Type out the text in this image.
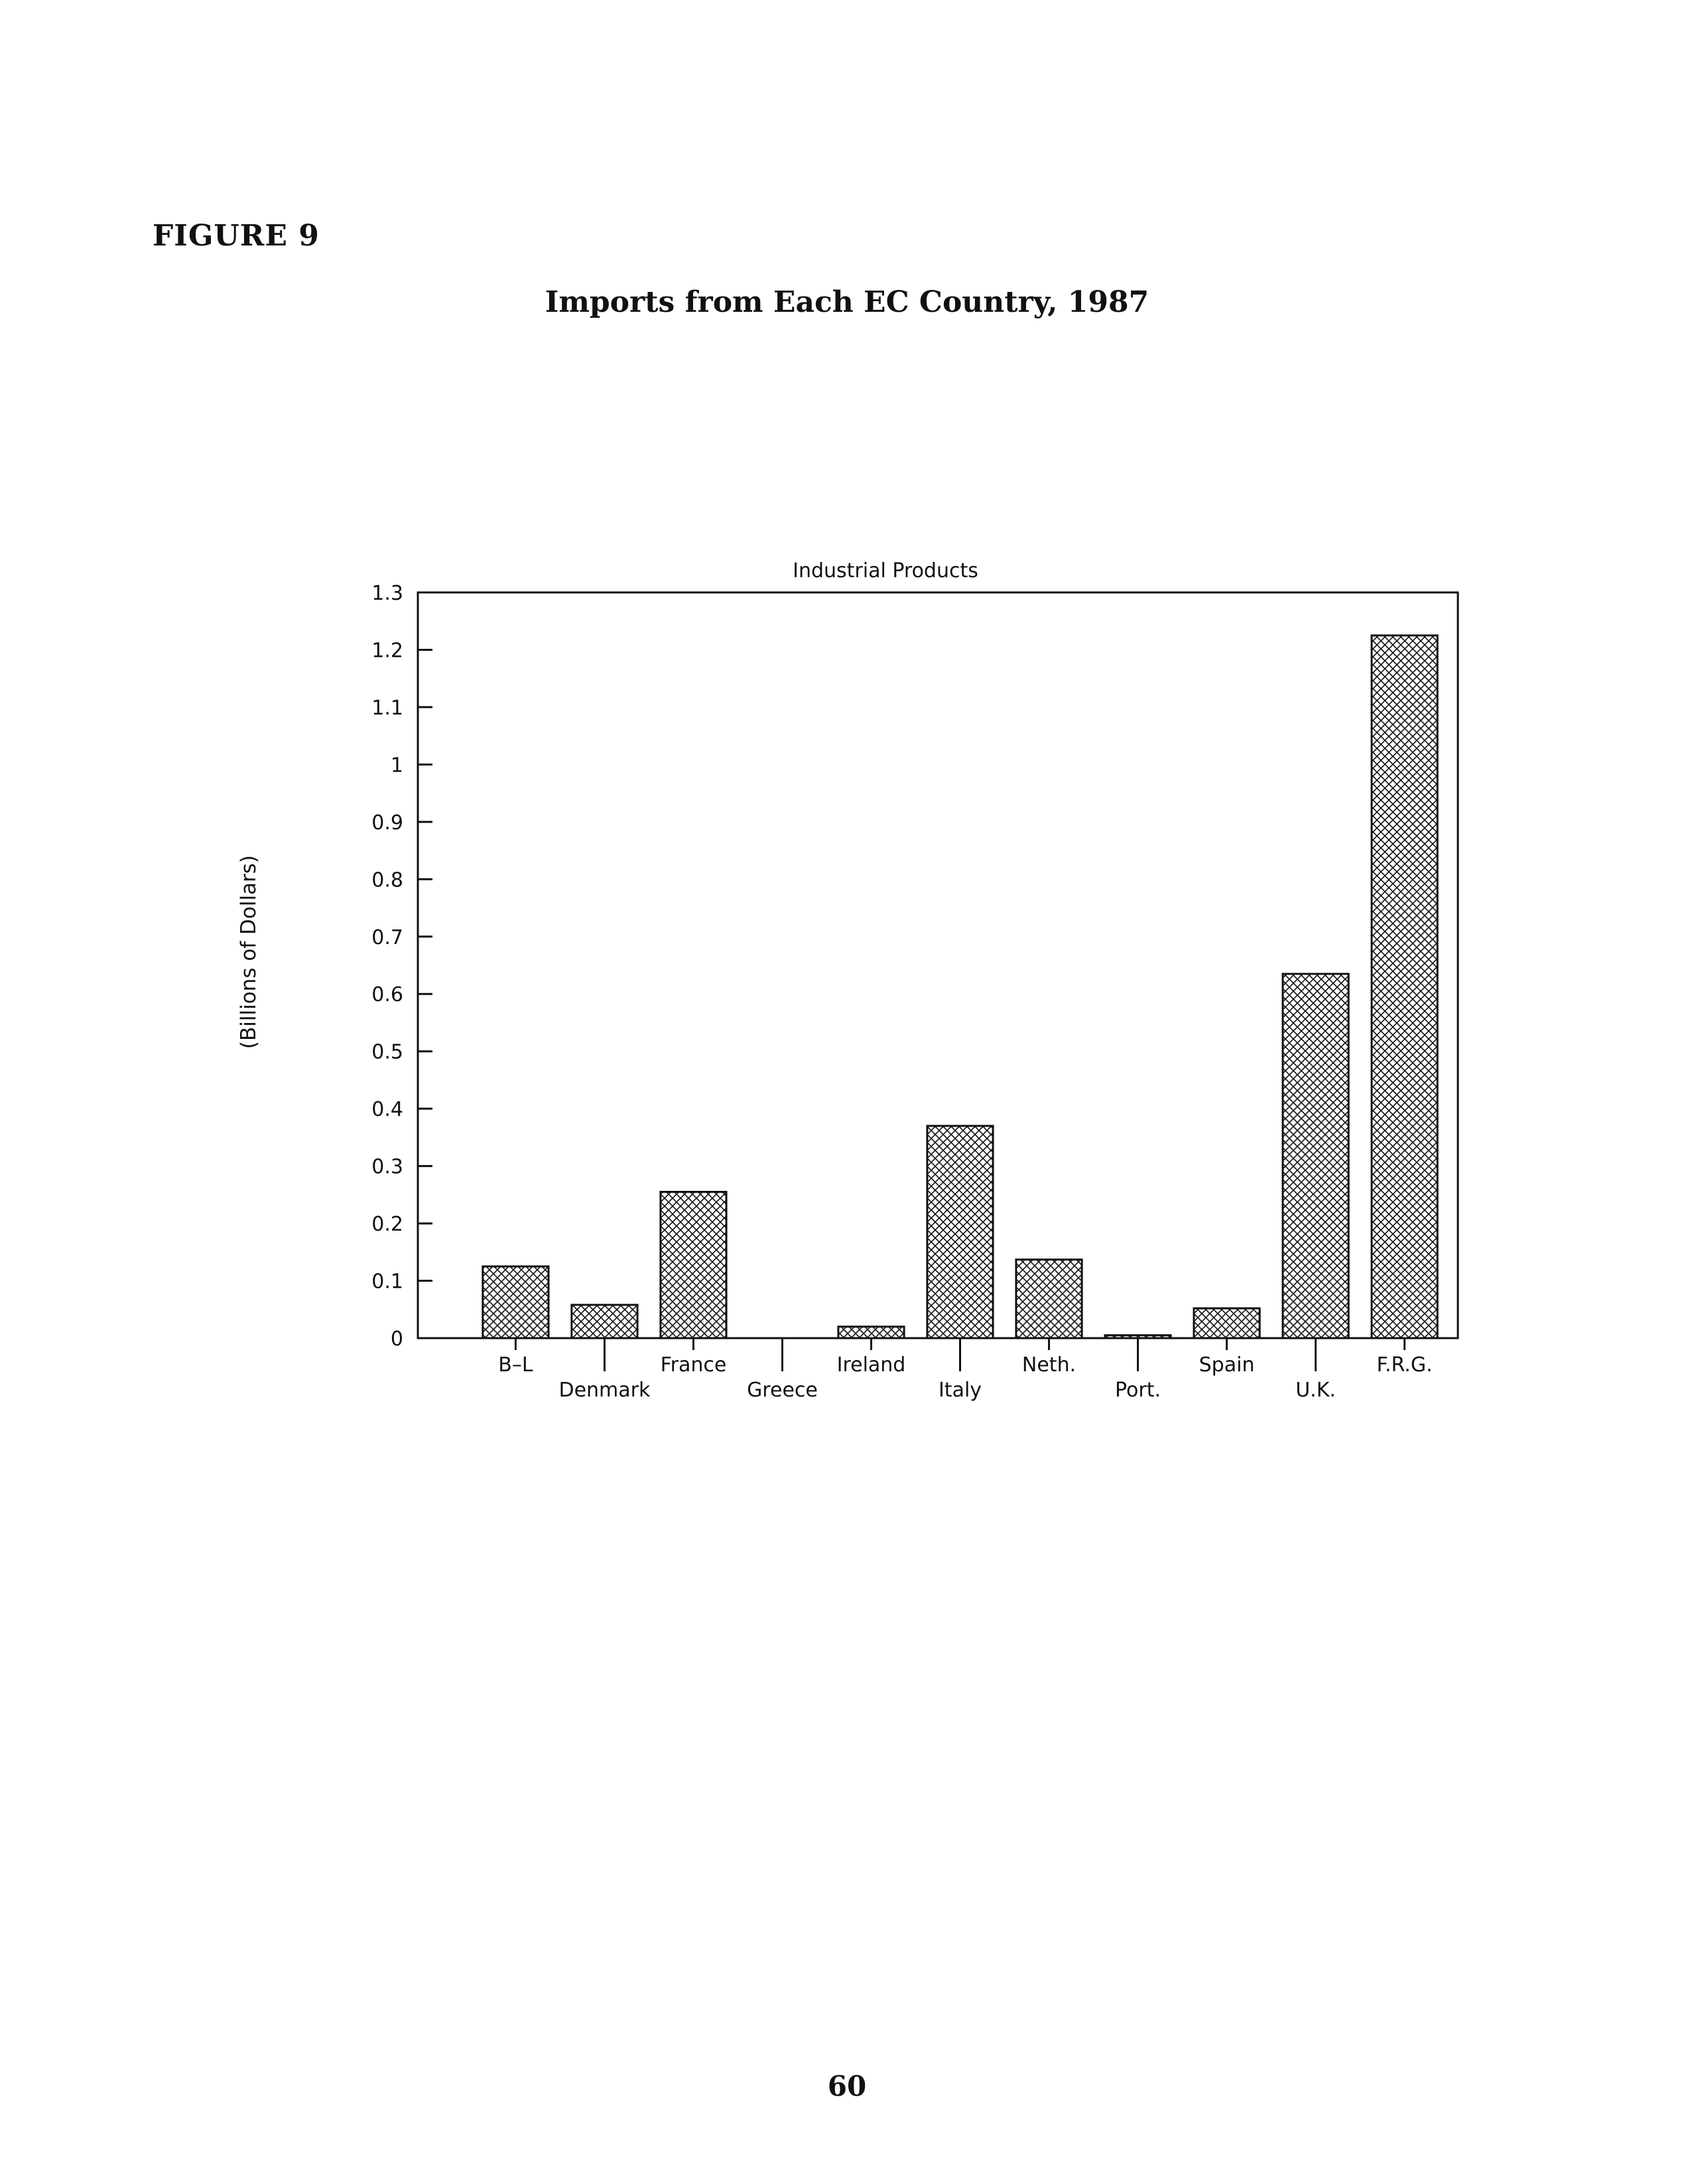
FIGURE 9
Imports from Each EC Country, 1987
Industrial Products
(Billions of Dollars)
0
0.1
0.2
0.3
0.4
0.5
0.6
0.7
0.8
0.9
1
1.1
1.2
1.3
B–L
Denmark
France
Greece
Ireland
Italy
Neth.
Port.
Spain
U.K.
F.R.G.
60
